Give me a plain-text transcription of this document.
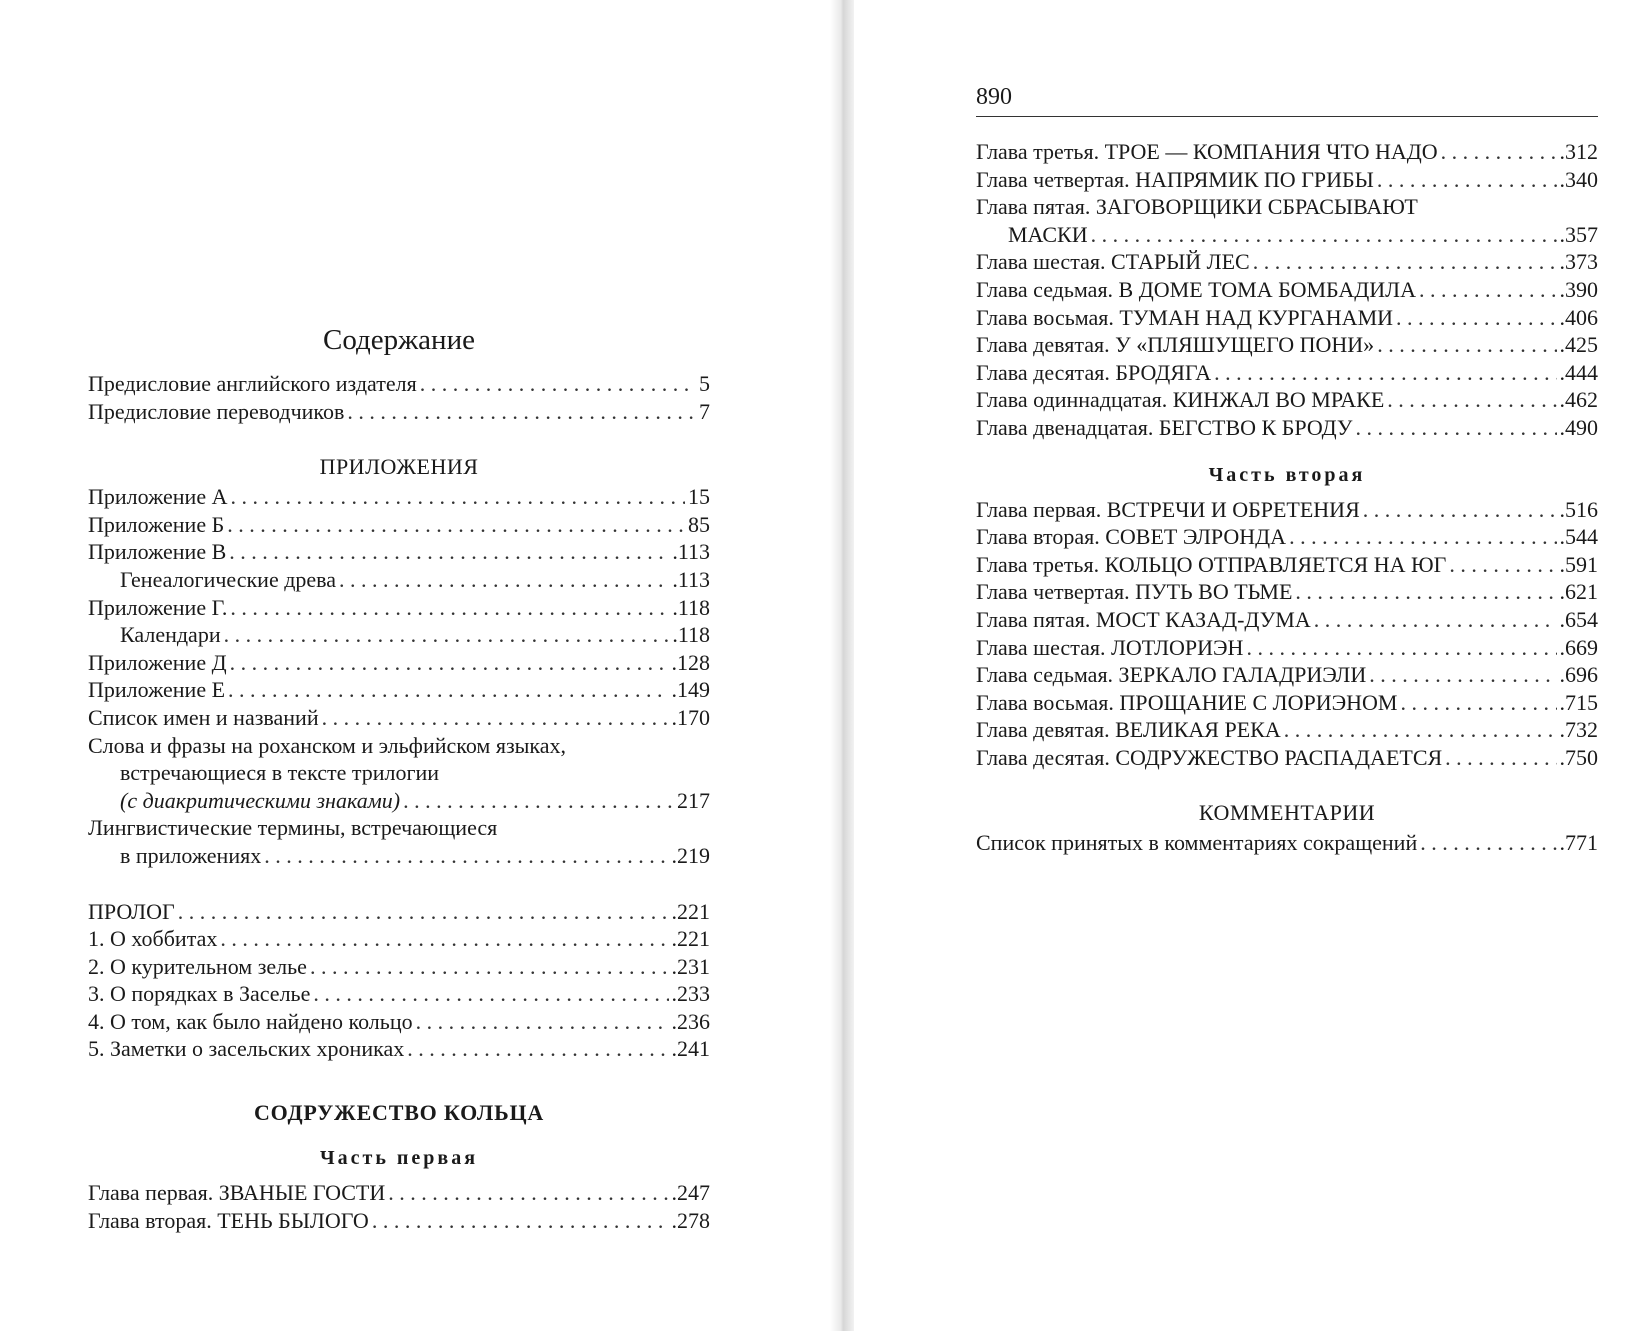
Содержание
Предисловие английского издателя . . .	5
Предисловие переводчиков . . .	7
ПРИЛОЖЕНИЯ
Приложение А . . .	15
Приложение Б . . .	85
Приложение В . . .	.113
Генеалогические древа . . .	.113
Приложение Г. . . .	.118
Календари . . .	.118
Приложение Д . . .	.128
Приложение Е . . .	.149
Список имен и названий . . .	.170
Слова и фразы на роханском и эльфийском языках,
встречающиеся в тексте трилогии
(с диакритическими знаками) . . .	217
Лингвистические термины, встречающиеся
в приложениях . . .	.219
ПРОЛОГ . . .	.221
1. О хоббитах . . .	.221
2. О курительном зелье . . .	.231
3. О порядках в Заселье . . .	.233
4. О том, как было найдено кольцо . . .	.236
5. Заметки о засельских хрониках . . .	.241
СОДРУЖЕСТВО КОЛЬЦА
Часть первая
Глава первая. ЗВАНЫЕ ГОСТИ . . .	.247
Глава вторая. ТЕНЬ БЫЛОГО . . .	.278
890
Глава третья. ТРОЕ — КОМПАНИЯ ЧТО НАДО . . .	.312
Глава четвертая. НАПРЯМИК ПО ГРИБЫ . . .	.340
Глава пятая. ЗАГОВОРЩИКИ СБРАСЫВАЮТ
МАСКИ . . .	.357
Глава шестая. СТАРЫЙ ЛЕС . . .	.373
Глава седьмая. В ДОМЕ ТОМА БОМБАДИЛА . . .	.390
Глава восьмая. ТУМАН НАД КУРГАНАМИ . . .	.406
Глава девятая. У «ПЛЯШУЩЕГО ПОНИ» . . .	.425
Глава десятая. БРОДЯГА . . .	.444
Глава одиннадцатая. КИНЖАЛ ВО МРАКЕ . . .	.462
Глава двенадцатая. БЕГСТВО К БРОДУ . . .	.490
Часть вторая
Глава первая. ВСТРЕЧИ И ОБРЕТЕНИЯ . . .	.516
Глава вторая. СОВЕТ ЭЛРОНДА . . .	.544
Глава третья. КОЛЬЦО ОТПРАВЛЯЕТСЯ НА ЮГ . . .	.591
Глава четвертая. ПУТЬ ВО ТЬМЕ . . .	.621
Глава пятая. МОСТ КАЗАД-ДУМА . . .	.654
Глава шестая. ЛОТЛОРИЭН . . .	.669
Глава седьмая. ЗЕРКАЛО ГАЛАДРИЭЛИ . . .	.696
Глава восьмая. ПРОЩАНИЕ С ЛОРИЭНОМ . . .	.715
Глава девятая. ВЕЛИКАЯ РЕКА . . .	.732
Глава десятая. СОДРУЖЕСТВО РАСПАДАЕТСЯ . . .	.750
КОММЕНТАРИИ
Список принятых в комментариях сокращений . . .	.771
